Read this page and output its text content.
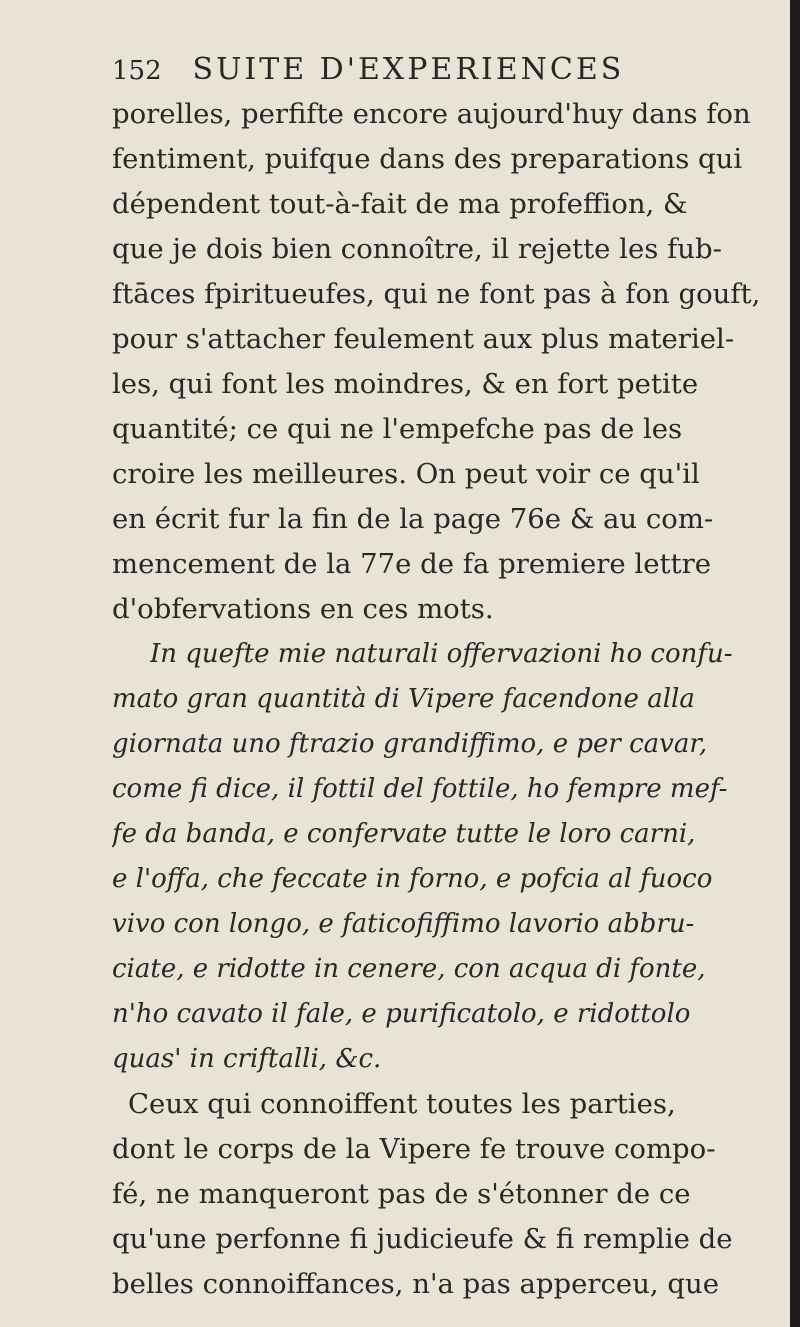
152 SUITE D'EXPERIENCES
porelles, perfifte encore aujourd'huy dans fon
fentiment, puifque dans des preparations qui
dépendent tout-à-fait de ma profeffion, &
que je dois bien connoître, il rejette les fub-
ftāces fpiritueufes, qui ne font pas à fon gouft,
pour s'attacher feulement aux plus materiel-
les, qui font les moindres, & en fort petite
quantité; ce qui ne l'empefche pas de les
croire les meilleures. On peut voir ce qu'il
en écrit fur la fin de la page 76e & au com-
mencement de la 77e de fa premiere lettre
d'obfervations en ces mots.
In quefte mie naturali offervazioni ho confu-
mato gran quantità di Vipere facendone alla
giornata uno ftrazio grandiffimo, e per cavar,
come fi dice, il fottil del fottile, ho fempre mef-
fe da banda, e confervate tutte le loro carni,
e l'offa, che feccate in forno, e pofcia al fuoco
vivo con longo, e faticofiffimo lavorio abbru-
ciate, e ridotte in cenere, con acqua di fonte,
n'ho cavato il fale, e purificatolo, e ridottolo
quas' in criftalli, &c.
Ceux qui connoiffent toutes les parties,
dont le corps de la Vipere fe trouve compo-
fé, ne manqueront pas de s'étonner de ce
qu'une perfonne fi judicieufe & fi remplie de
belles connoiffances, n'a pas apperceu, que
